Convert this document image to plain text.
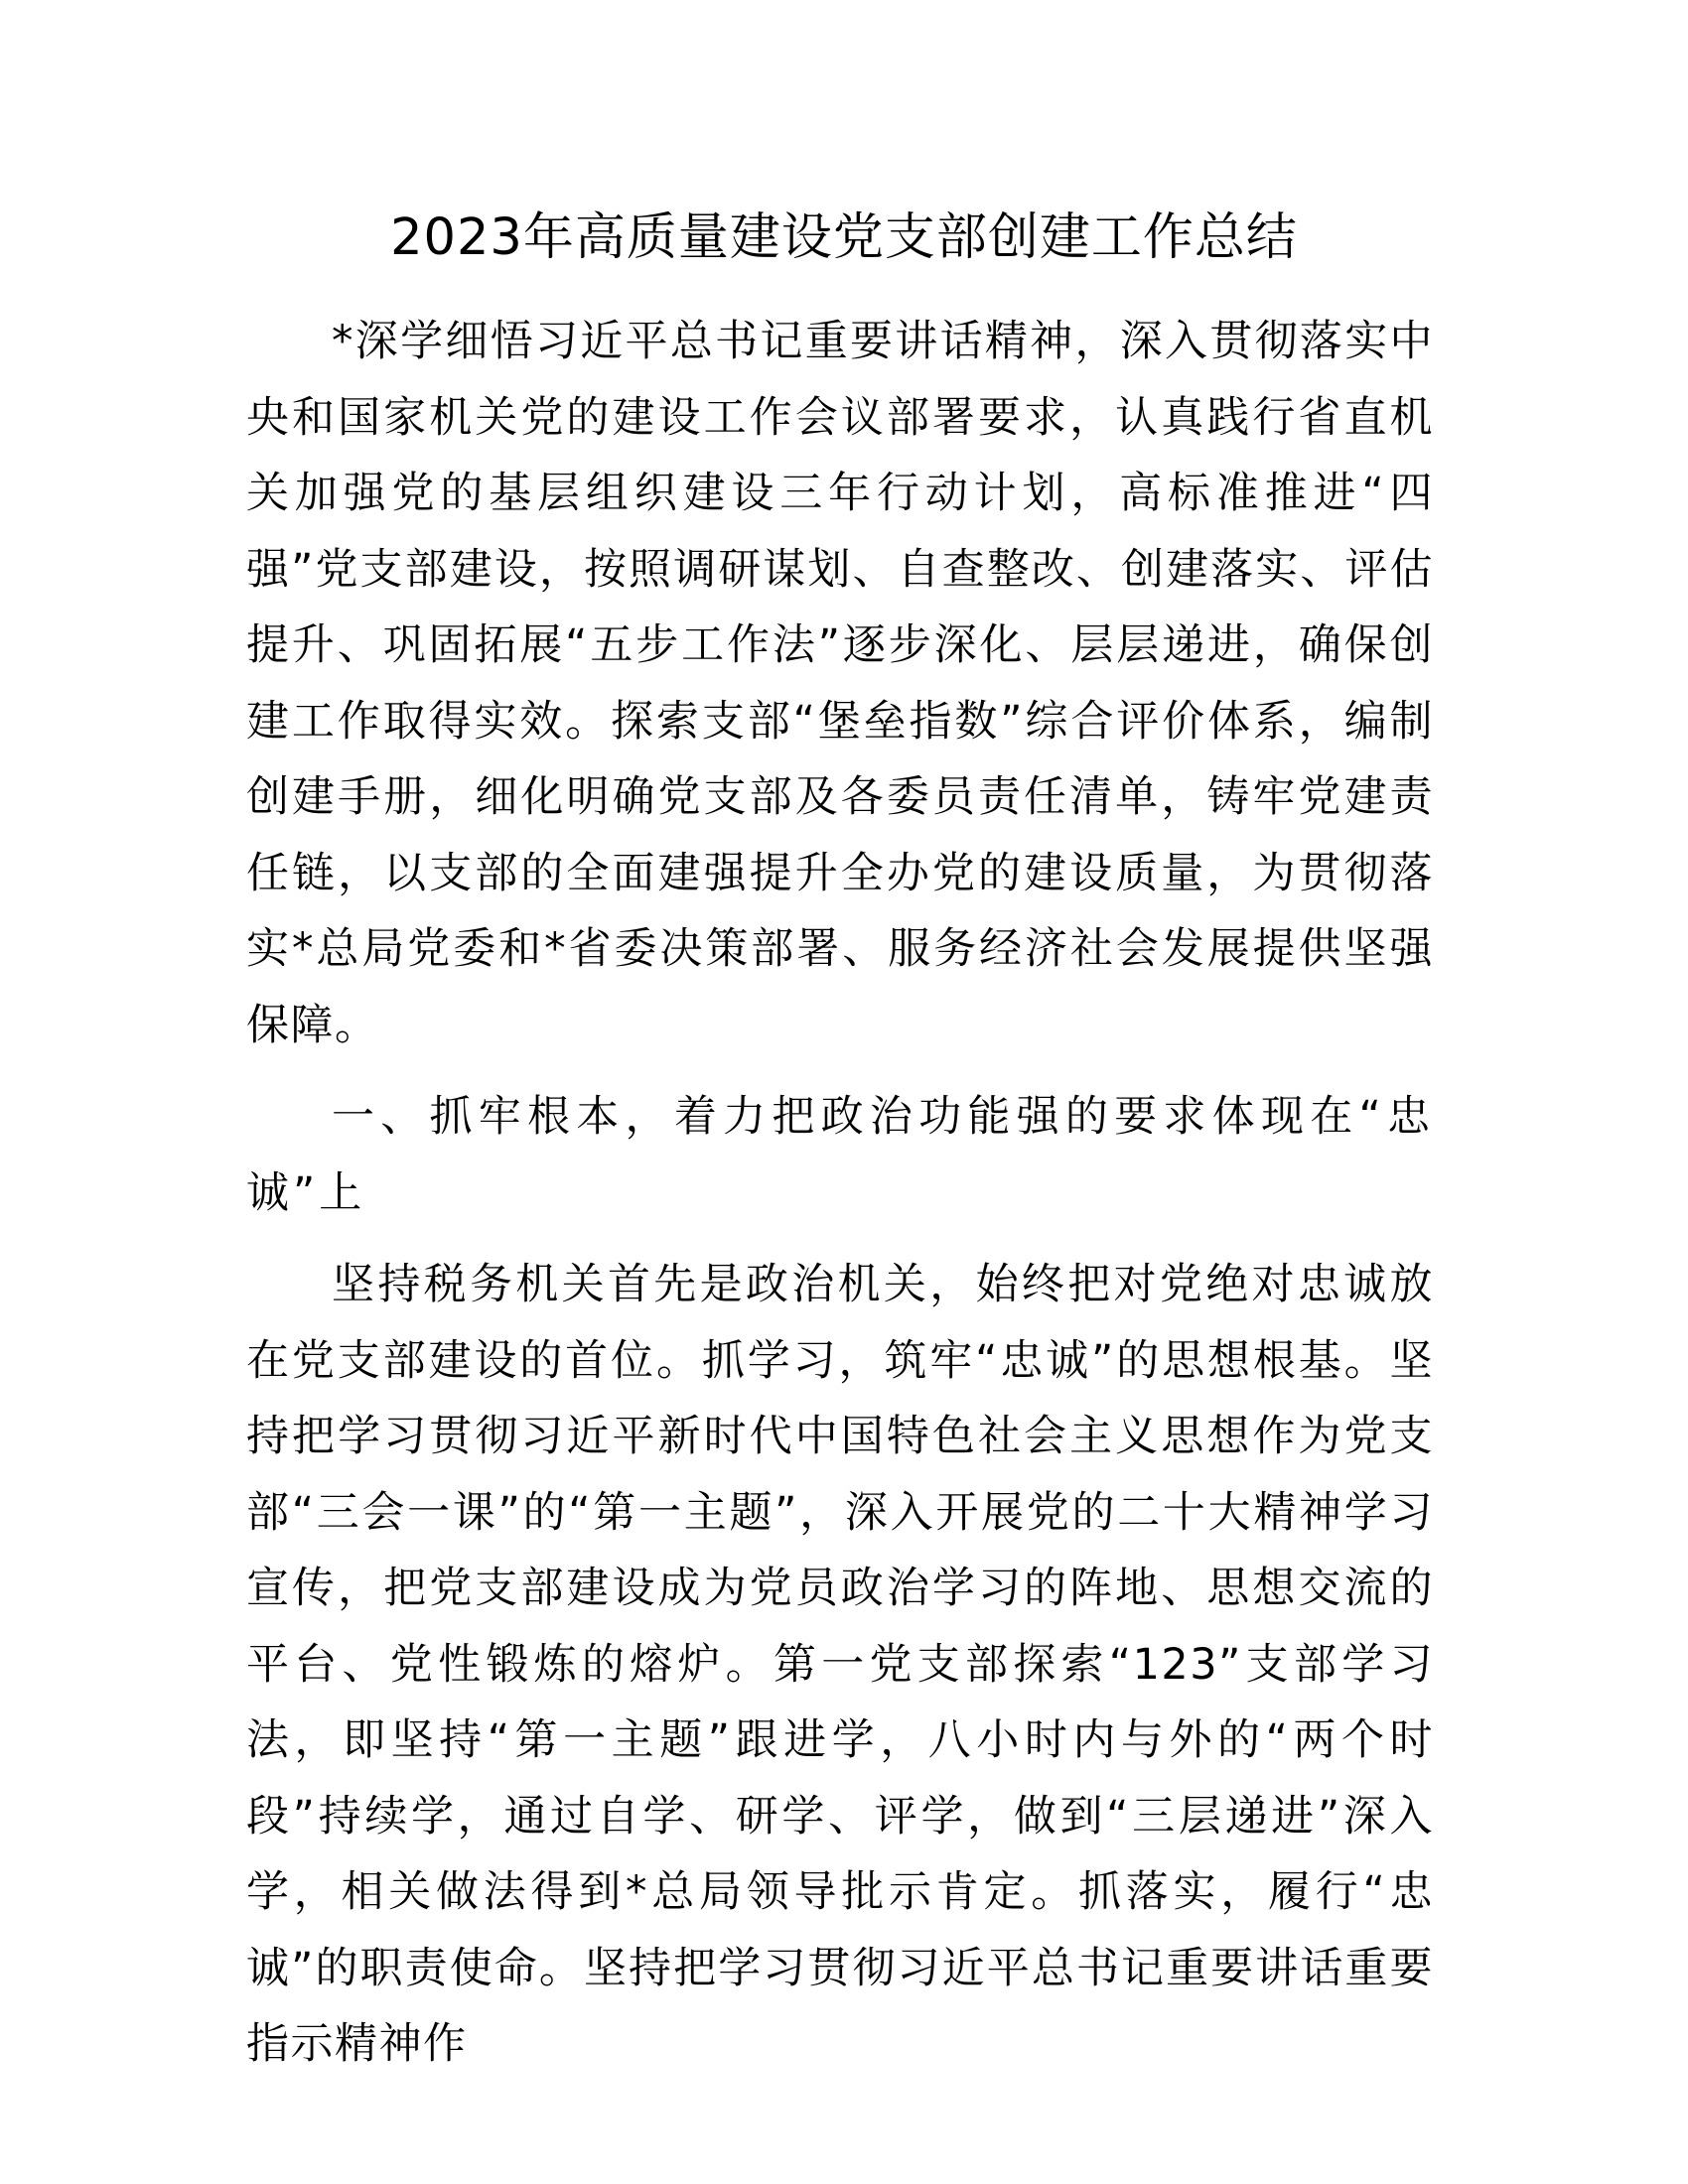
2023年高质量建设党支部创建工作总结

*深学细悟习近平总书记重要讲话精神，深入贯彻落实中央和国家机关党的建设工作会议部署要求，认真践行省直机关加强党的基层组织建设三年行动计划，高标准推进“四强”党支部建设，按照调研谋划、自查整改、创建落实、评估提升、巩固拓展“五步工作法”逐步深化、层层递进，确保创建工作取得实效。探索支部“堡垒指数”综合评价体系，编制创建手册，细化明确党支部及各委员责任清单，铸牢党建责任链，以支部的全面建强提升全办党的建设质量，为贯彻落实*总局党委和*省委决策部署、服务经济社会发展提供坚强保障。

一、抓牢根本，着力把政治功能强的要求体现在“忠诚”上

坚持税务机关首先是政治机关，始终把对党绝对忠诚放在党支部建设的首位。抓学习，筑牢“忠诚”的思想根基。坚持把学习贯彻习近平新时代中国特色社会主义思想作为党支部“三会一课”的“第一主题”，深入开展党的二十大精神学习宣传，把党支部建设成为党员政治学习的阵地、思想交流的平台、党性锻炼的熔炉。第一党支部探索“123”支部学习法，即坚持“第一主题”跟进学，八小时内与外的“两个时段”持续学，通过自学、研学、评学，做到“三层递进”深入学，相关做法得到*总局领导批示肯定。抓落实，履行“忠诚”的职责使命。坚持把学习贯彻习近平总书记重要讲话重要指示精神作
